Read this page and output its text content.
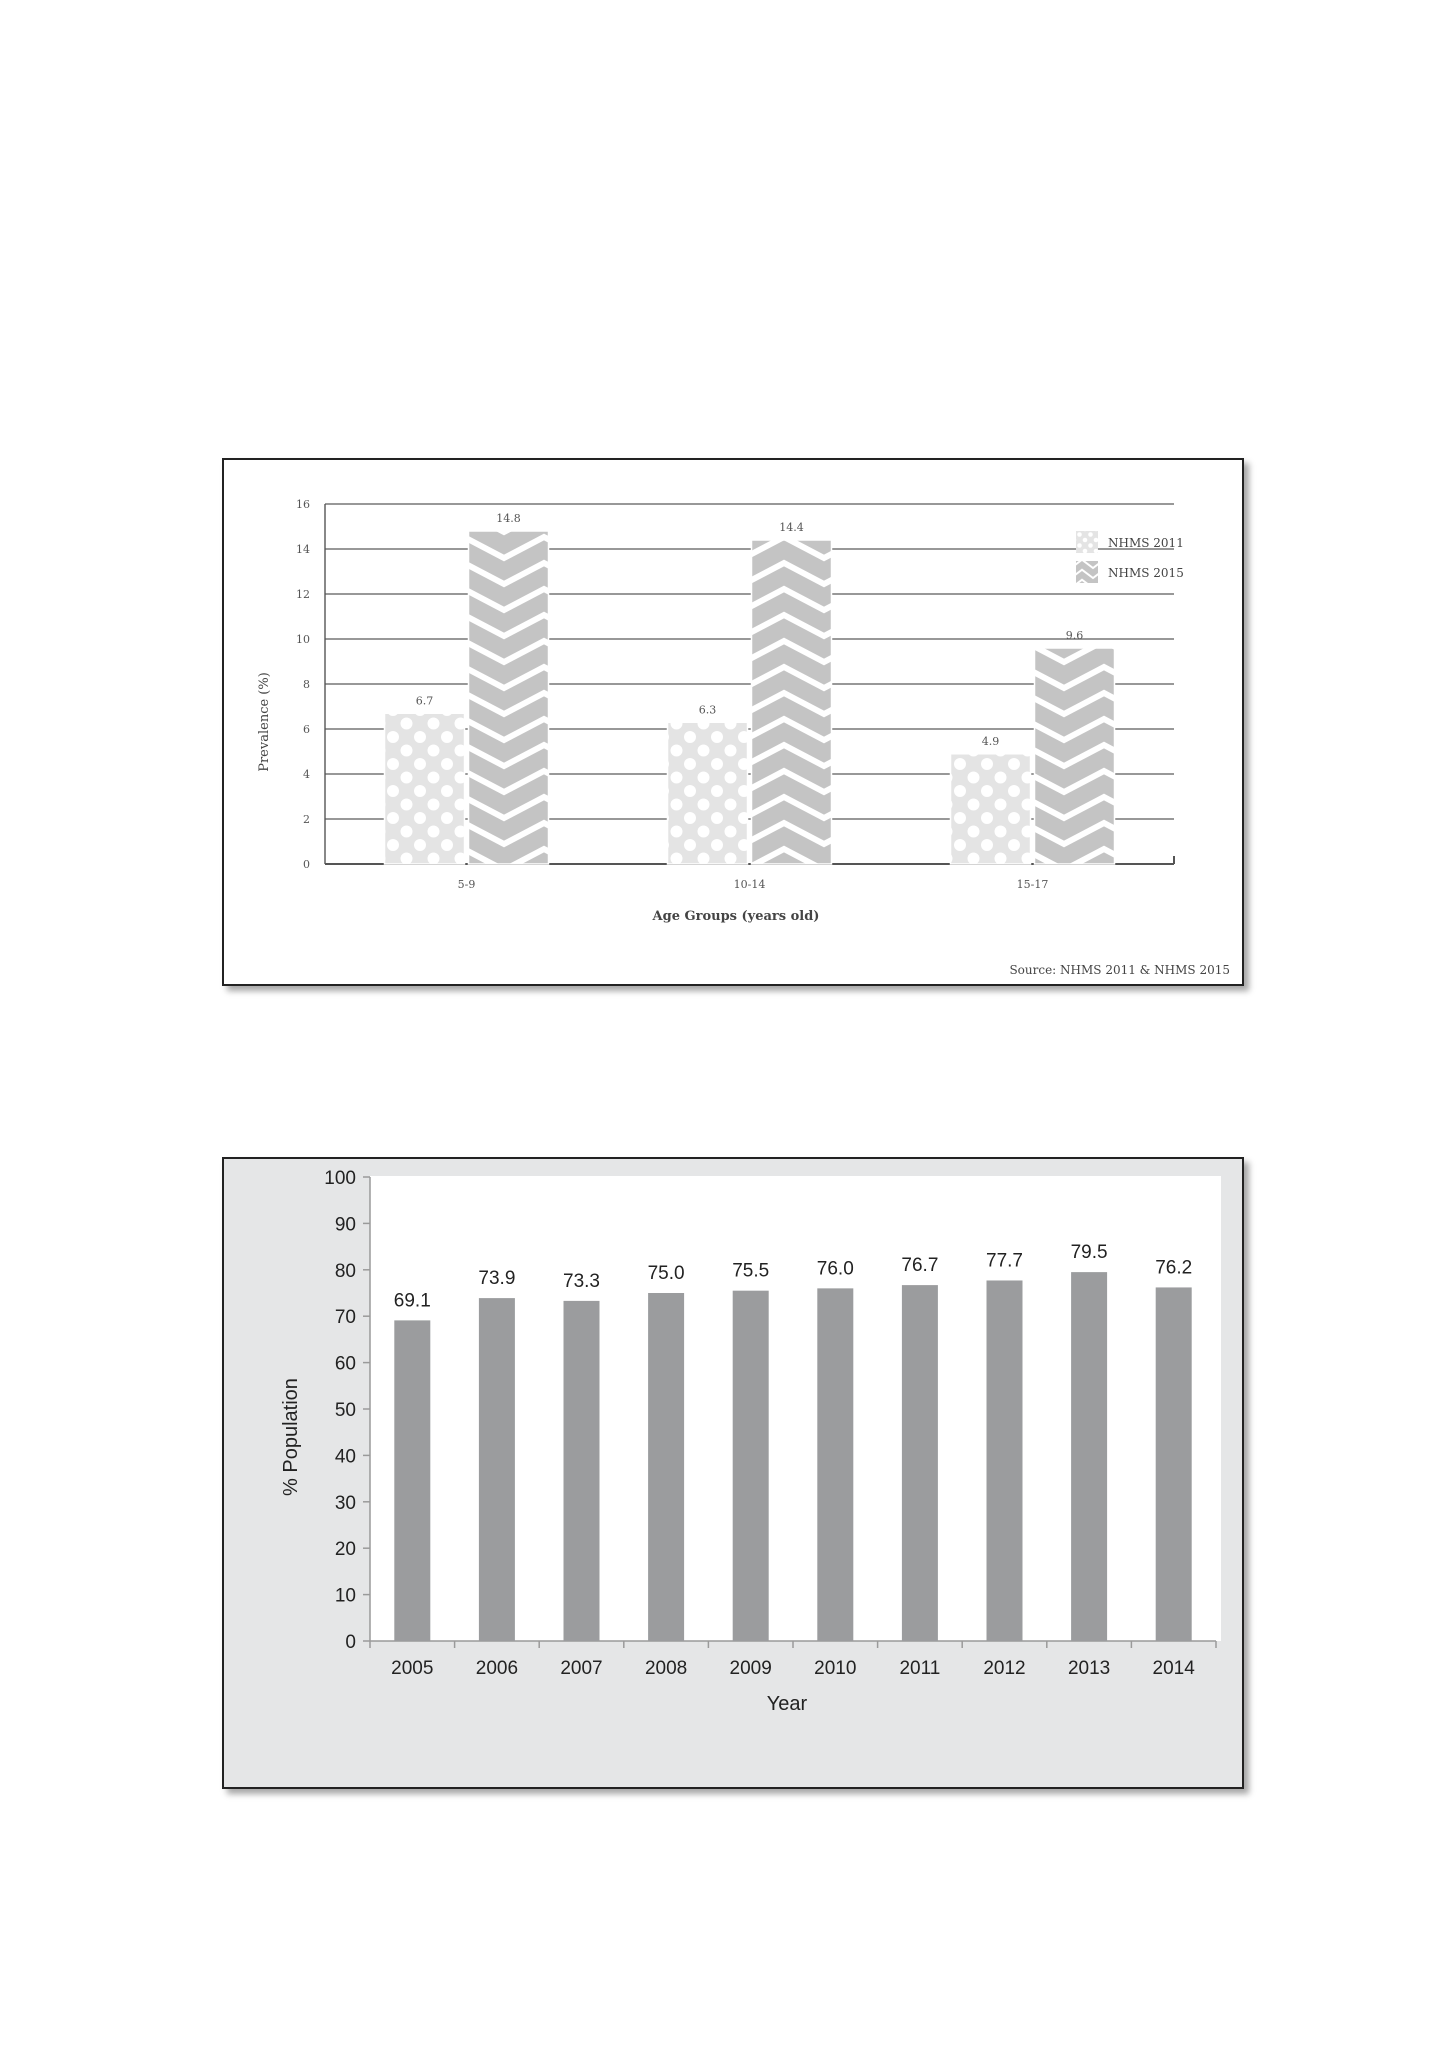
0
2
4
6
8
10
12
14
16
6.7
14.8
5-9
6.3
14.4
10-14
4.9
9.6
15-17
Prevalence (%)
Age Groups (years old)
NHMS 2011
NHMS 2015
Source: NHMS 2011 & NHMS 2015
0
10
20
30
40
50
60
70
80
90
100
69.1
2005
73.9
2006
73.3
2007
75.0
2008
75.5
2009
76.0
2010
76.7
2011
77.7
2012
79.5
2013
76.2
2014
% Population
Year
